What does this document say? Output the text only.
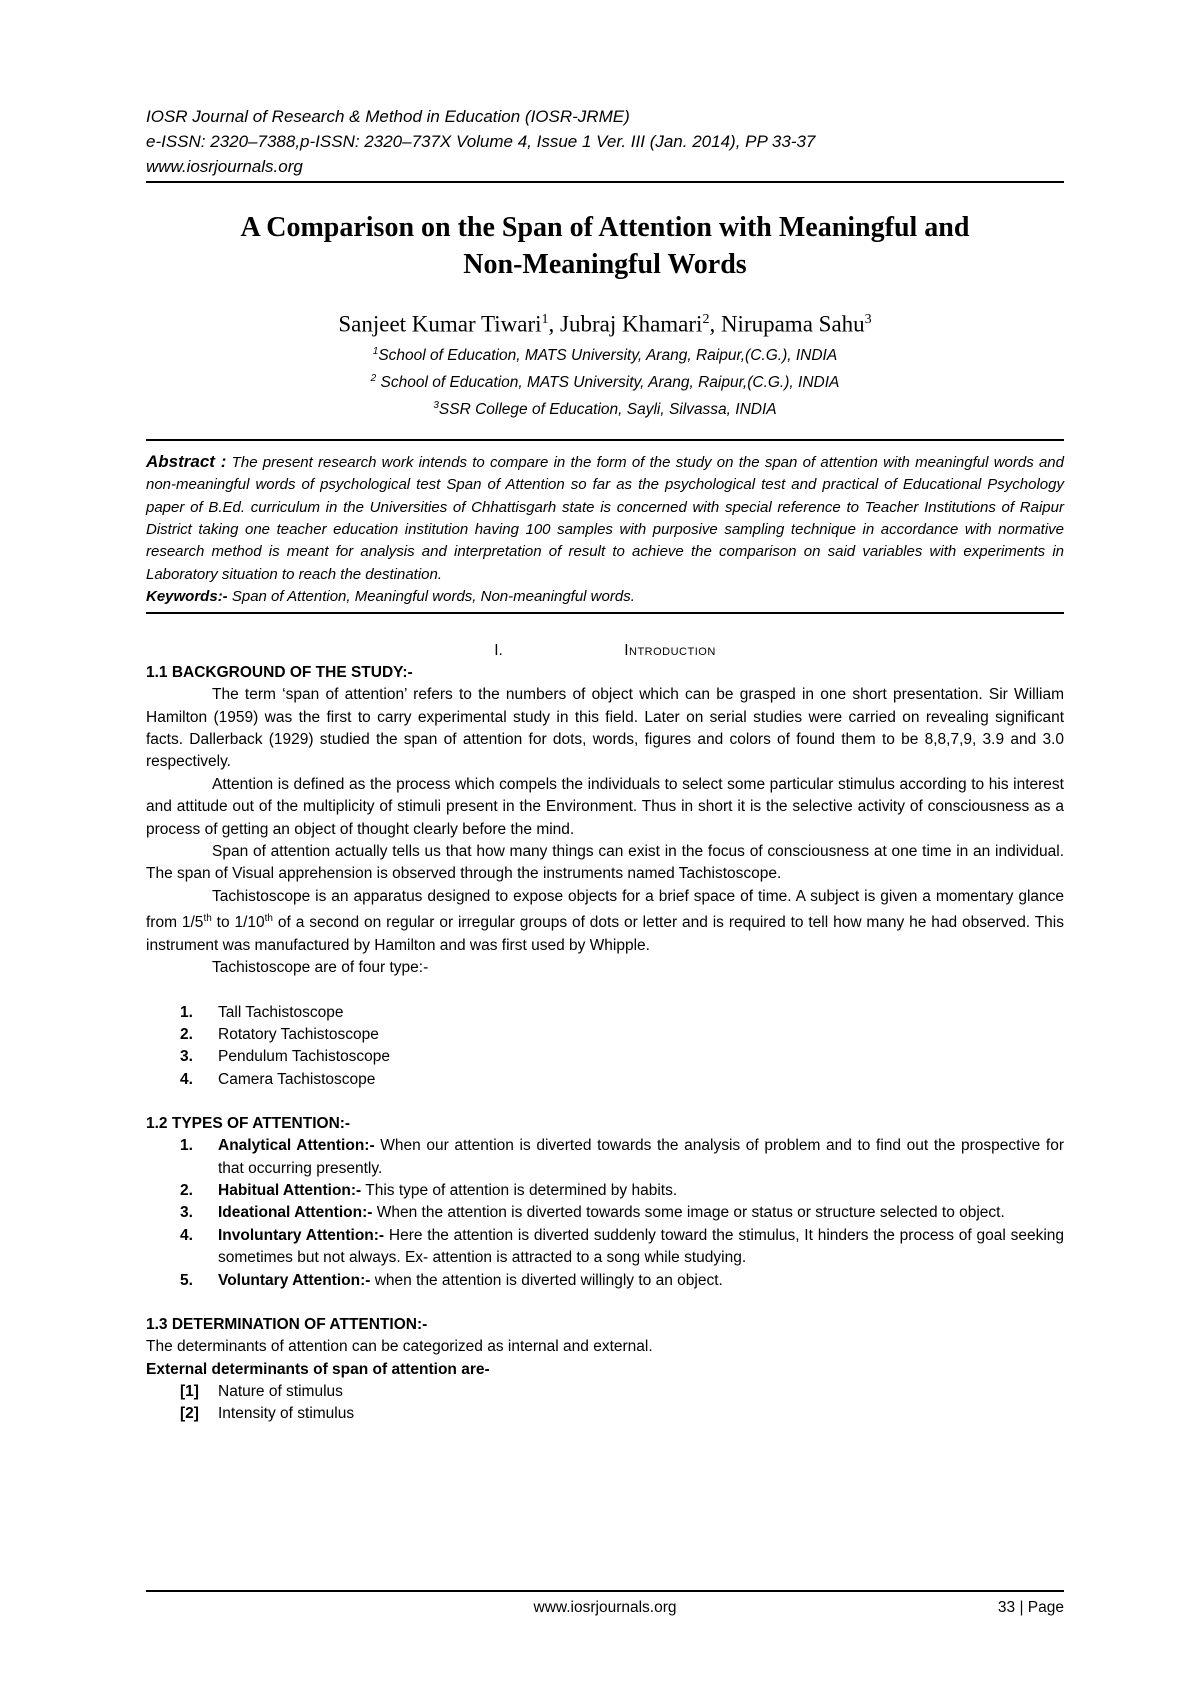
IOSR Journal of Research & Method in Education (IOSR-JRME)
e-ISSN: 2320–7388,p-ISSN: 2320–737X Volume 4, Issue 1 Ver. III (Jan. 2014), PP 33-37
www.iosrjournals.org
A Comparison on the Span of Attention with Meaningful and
Non-Meaningful Words
Sanjeet Kumar Tiwari$^1$, Jubraj Khamari$^2$, Nirupama Sahu$^3$
$^1$School of Education, MATS University, Arang, Raipur,(C.G.), INDIA
$^2$ School of Education, MATS University, Arang, Raipur,(C.G.), INDIA
$^3$SSR College of Education, Sayli, Silvassa, INDIA
Abstract : The present research work intends to compare in the form of the study on the span of attention with meaningful words and non-meaningful words of psychological test Span of Attention so far as the psychological test and practical of Educational Psychology paper of B.Ed. curriculum in the Universities of Chhattisgarh state is concerned with special reference to Teacher Institutions of Raipur District taking one teacher education institution having 100 samples with purposive sampling technique in accordance with normative research method is meant for analysis and interpretation of result to achieve the comparison on said variables with experiments in Laboratory situation to reach the destination.
Keywords:- Span of Attention, Meaningful words, Non-meaningful words.
I.	Introduction
1.1 BACKGROUND OF THE STUDY:-

The term ‘span of attention’ refers to the numbers of object which can be grasped in one short presentation. Sir William Hamilton (1959) was the first to carry experimental study in this field. Later on serial studies were carried on revealing significant facts. Dallerback (1929) studied the span of attention for dots, words, figures and colors of found them to be 8,8,7,9, 3.9 and 3.0 respectively.

Attention is defined as the process which compels the individuals to select some particular stimulus according to his interest and attitude out of the multiplicity of stimuli present in the Environment. Thus in short it is the selective activity of consciousness as a process of getting an object of thought clearly before the mind.

Span of attention actually tells us that how many things can exist in the focus of consciousness at one time in an individual. The span of Visual apprehension is observed through the instruments named Tachistoscope.

Tachistoscope is an apparatus designed to expose objects for a brief space of time. A subject is given a momentary glance from 1/5th to 1/10th of a second on regular or irregular groups of dots or letter and is required to tell how many he had observed. This instrument was manufactured by Hamilton and was first used by Whipple.

Tachistoscope are of four type:-

1. Tall Tachistoscope
2. Rotatory Tachistoscope
3. Pendulum Tachistoscope
4. Camera Tachistoscope
1.2 TYPES OF ATTENTION:-
1. Analytical Attention:- When our attention is diverted towards the analysis of problem and to find out the prospective for that occurring presently.
2. Habitual Attention:- This type of attention is determined by habits.
3. Ideational Attention:- When the attention is diverted towards some image or status or structure selected to object.
4. Involuntary Attention:- Here the attention is diverted suddenly toward the stimulus, It hinders the process of goal seeking sometimes but not always. Ex- attention is attracted to a song while studying.
5. Voluntary Attention:- when the attention is diverted willingly to an object.
1.3 DETERMINATION OF ATTENTION:-

The determinants of attention can be categorized as internal and external.

External determinants of span of attention are-
[1] Nature of stimulus
[2] Intensity of stimulus
www.iosrjournals.org	33 | Page
